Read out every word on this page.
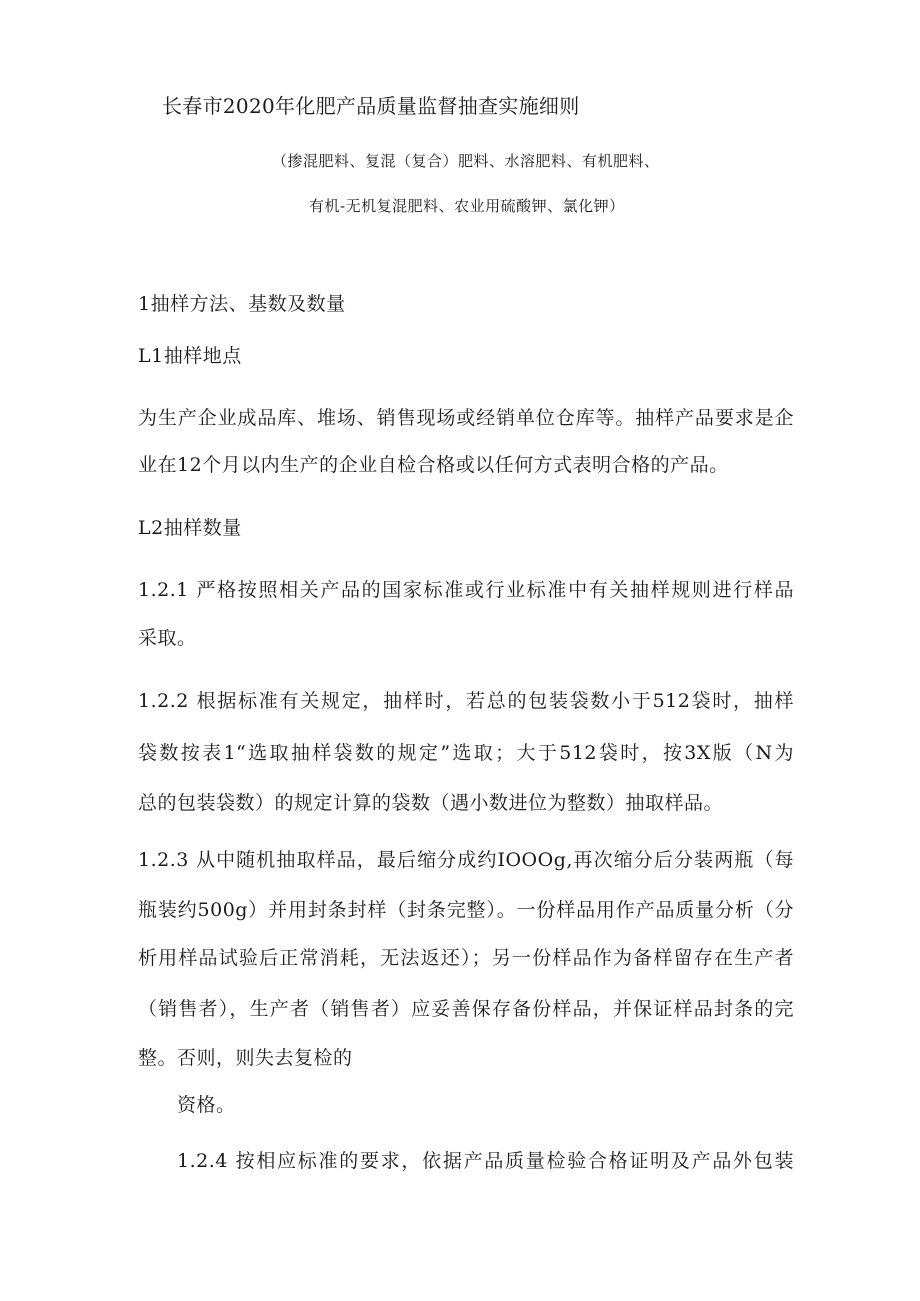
长春市2020年化肥产品质量监督抽查实施细则
（掺混肥料、复混（复合）肥料、水溶肥料、有机肥料、
有机-无机复混肥料、农业用硫酸钾、氯化钾）
1抽样方法、基数及数量
L1抽样地点
为生产企业成品库、堆场、销售现场或经销单位仓库等。抽样产品要求是企
业在12个月以内生产的企业自检合格或以任何方式表明合格的产品。
L2抽样数量
1.2.1 严格按照相关产品的国家标准或行业标准中有关抽样规则进行样品
采取。
1.2.2 根据标准有关规定，抽样时，若总的包装袋数小于512袋时，抽样
袋数按表1“选取抽样袋数的规定”选取；大于512袋时，按3X版（N为
总的包装袋数）的规定计算的袋数（遇小数进位为整数）抽取样品。
1.2.3 从中随机抽取样品，最后缩分成约IOOOg,再次缩分后分装两瓶（每
瓶装约500g）并用封条封样（封条完整）。一份样品用作产品质量分析（分
析用样品试验后正常消耗，无法返还）；另一份样品作为备样留存在生产者
（销售者），生产者（销售者）应妥善保存备份样品，并保证样品封条的完
整。否则，则失去复检的
资格。
1.2.4 按相应标准的要求，依据产品质量检验合格证明及产品外包装
